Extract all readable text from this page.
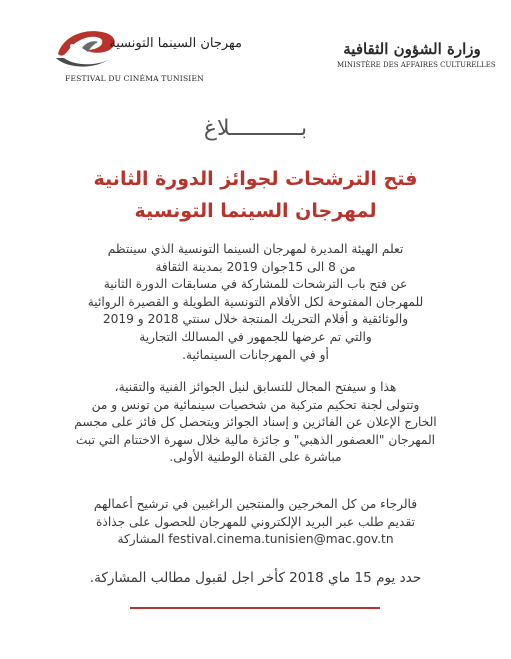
مهرجان السينما التونسية
FESTIVAL DU CINÉMA TUNISIEN
وزارة الشؤون الثقافية
MINISTÈRE DES AFFAIRES CULTURELLES
بـــــــــــلاغ
فتح الترشحات لجوائز الدورة الثانية
لمهرجان السينما التونسية
تعلم الهيئة المديرة لمهرجان السينما التونسية الذي سينتظم
من 8 الى 15جوان 2019 بمدينة الثقافة
عن فتح باب الترشحات للمشاركة في مسابقات الدورة الثانية
للمهرجان المفتوحة لكل الأفلام التونسية الطويلة و القصيرة الروائية
والوثائقية و أفلام التحريك المنتجة خلال سنتي 2018 و 2019
والتي تم عرضها للجمهور في المسالك التجارية
أو في المهرجانات السينمائية.
هذا و سيفتح المجال للتسابق لنيل الجوائز الفنية والتقنية،
وتتولى لجنة تحكيم متركبة من شخصيات سينمائية من تونس و من
الخارج الإعلان عن الفائزين و إسناد الجوائز ويتحصل كل فائز على مجسم
المهرجان "العصفور الذهبي" و جائزة مالية خلال سهرة الاختتام التي تبث
مباشرة على القناة الوطنية الأولى.
فالرجاء من كل المخرجين والمنتجين الراغبين في ترشيح أعمالهم
تقديم طلب عبر البريد الإلكتروني للمهرجان للحصول على جذاذة
festival.cinema.tunisien@mac.gov.tn المشاركة
حدد يوم 15 ماي 2018 كأخر اجل لقبول مطالب المشاركة.
